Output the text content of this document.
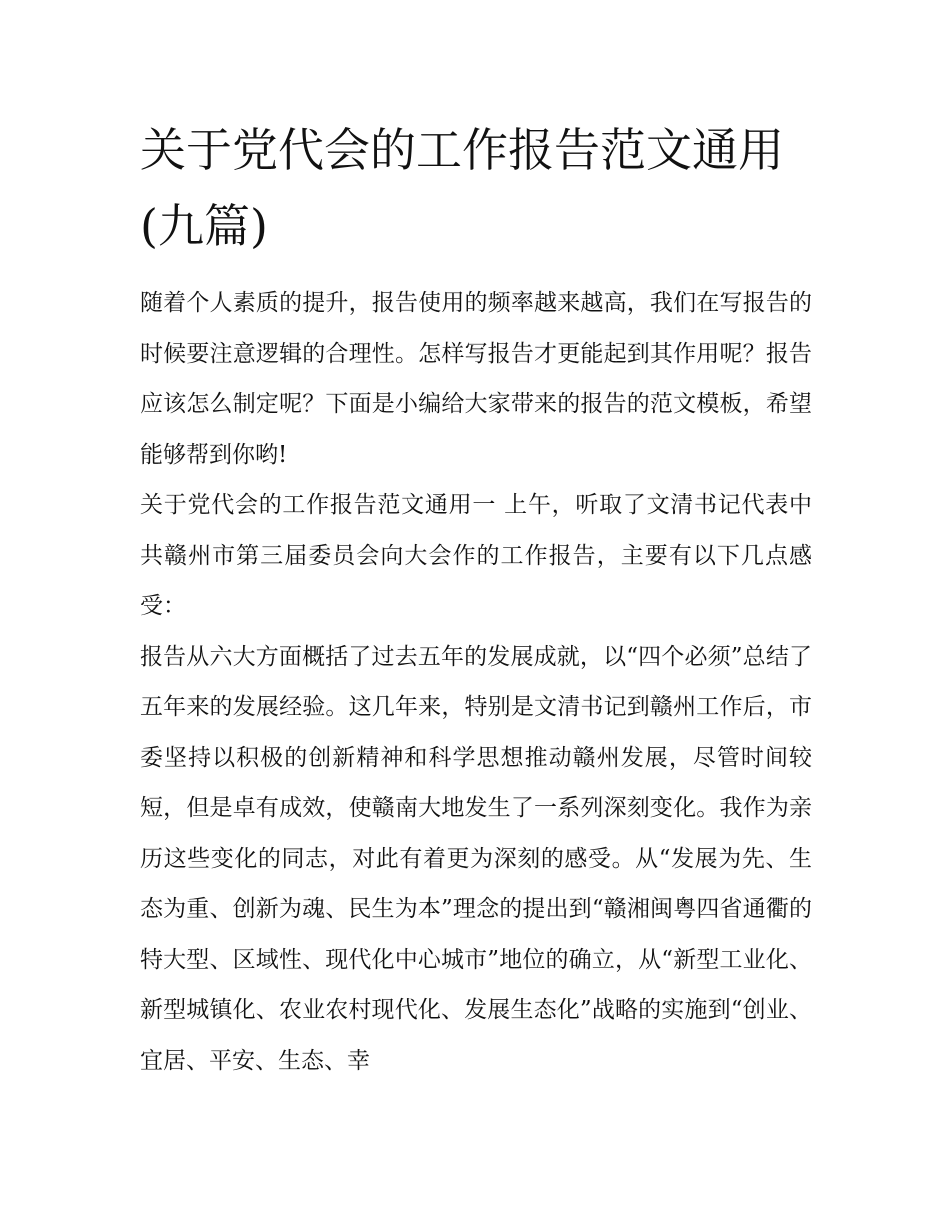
关于党代会的工作报告范文通用(九篇)

随着个人素质的提升，报告使用的频率越来越高，我们在写报告的时候要注意逻辑的合理性。怎样写报告才更能起到其作用呢？报告应该怎么制定呢？下面是小编给大家带来的报告的范文模板，希望能够帮到你哟!

关于党代会的工作报告范文通用一 上午，听取了文清书记代表中共赣州市第三届委员会向大会作的工作报告，主要有以下几点感受：

报告从六大方面概括了过去五年的发展成就，以“四个必须”总结了五年来的发展经验。这几年来，特别是文清书记到赣州工作后，市委坚持以积极的创新精神和科学思想推动赣州发展，尽管时间较短，但是卓有成效，使赣南大地发生了一系列深刻变化。我作为亲历这些变化的同志，对此有着更为深刻的感受。从“发展为先、生态为重、创新为魂、民生为本”理念的提出到“赣湘闽粤四省通衢的特大型、区域性、现代化中心城市”地位的确立，从“新型工业化、新型城镇化、农业农村现代化、发展生态化”战略的实施到“创业、宜居、平安、生态、幸
